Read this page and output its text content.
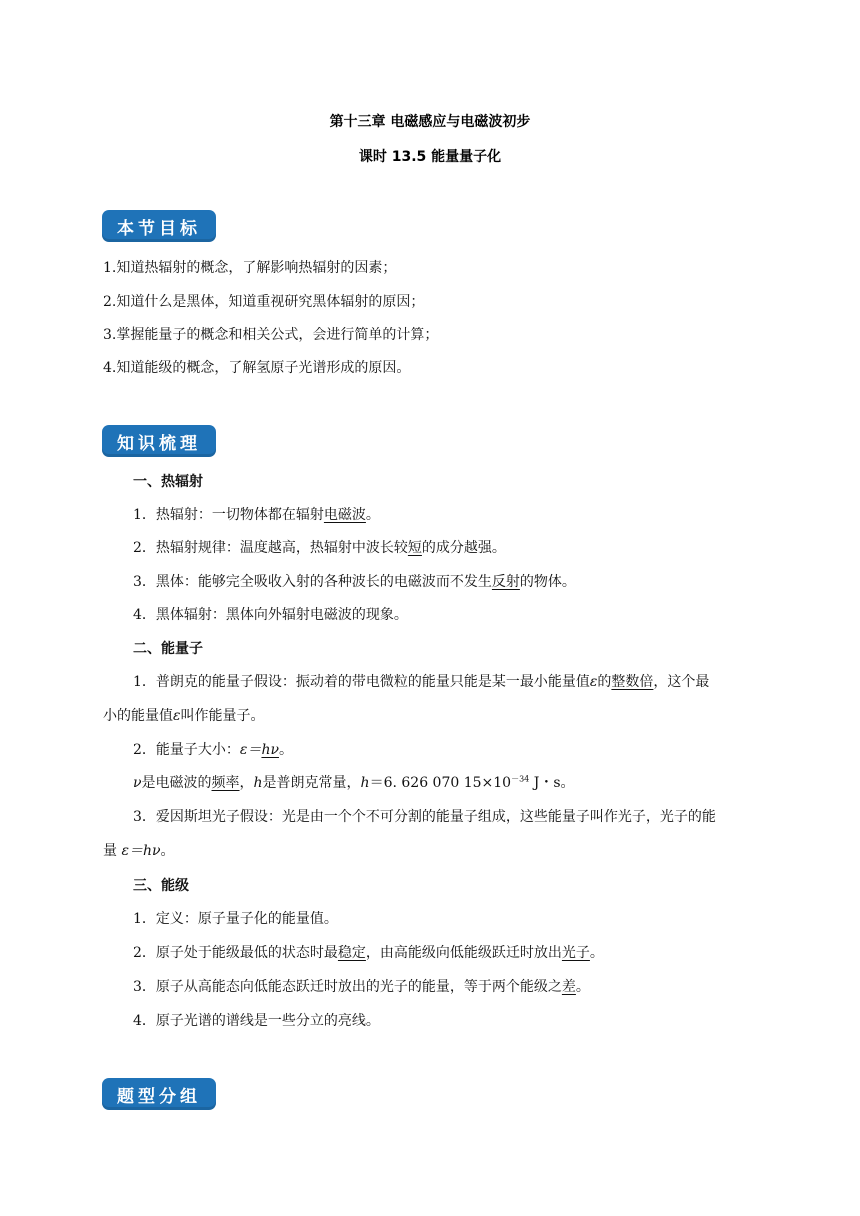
第十三章 电磁感应与电磁波初步
课时 13.5 能量量子化
本节目标
1.知道热辐射的概念，了解影响热辐射的因素；
2.知道什么是黑体，知道重视研究黑体辐射的原因；
3.掌握能量子的概念和相关公式，会进行简单的计算；
4.知道能级的概念，了解氢原子光谱形成的原因。
知识梳理
一、热辐射
1．热辐射：一切物体都在辐射电磁波。
2．热辐射规律：温度越高，热辐射中波长较短的成分越强。
3．黑体：能够完全吸收入射的各种波长的电磁波而不发生反射的物体。
4．黑体辐射：黑体向外辐射电磁波的现象。
二、能量子
1．普朗克的能量子假设：振动着的带电微粒的能量只能是某一最小能量值ε的整数倍，这个最
小的能量值ε叫作能量子。
2．能量子大小：ε＝hν。
ν是电磁波的频率，h是普朗克常量，h＝6. 626 070 $15\times 10^{-34}$ J・s。
3．爱因斯坦光子假设：光是由一个个不可分割的能量子组成，这些能量子叫作光子，光子的能
量 ε＝hν。
三、能级
1．定义：原子量子化的能量值。
2．原子处于能级最低的状态时最稳定，由高能级向低能级跃迁时放出光子。
3．原子从高能态向低能态跃迁时放出的光子的能量，等于两个能级之差。
4．原子光谱的谱线是一些分立的亮线。
题型分组
